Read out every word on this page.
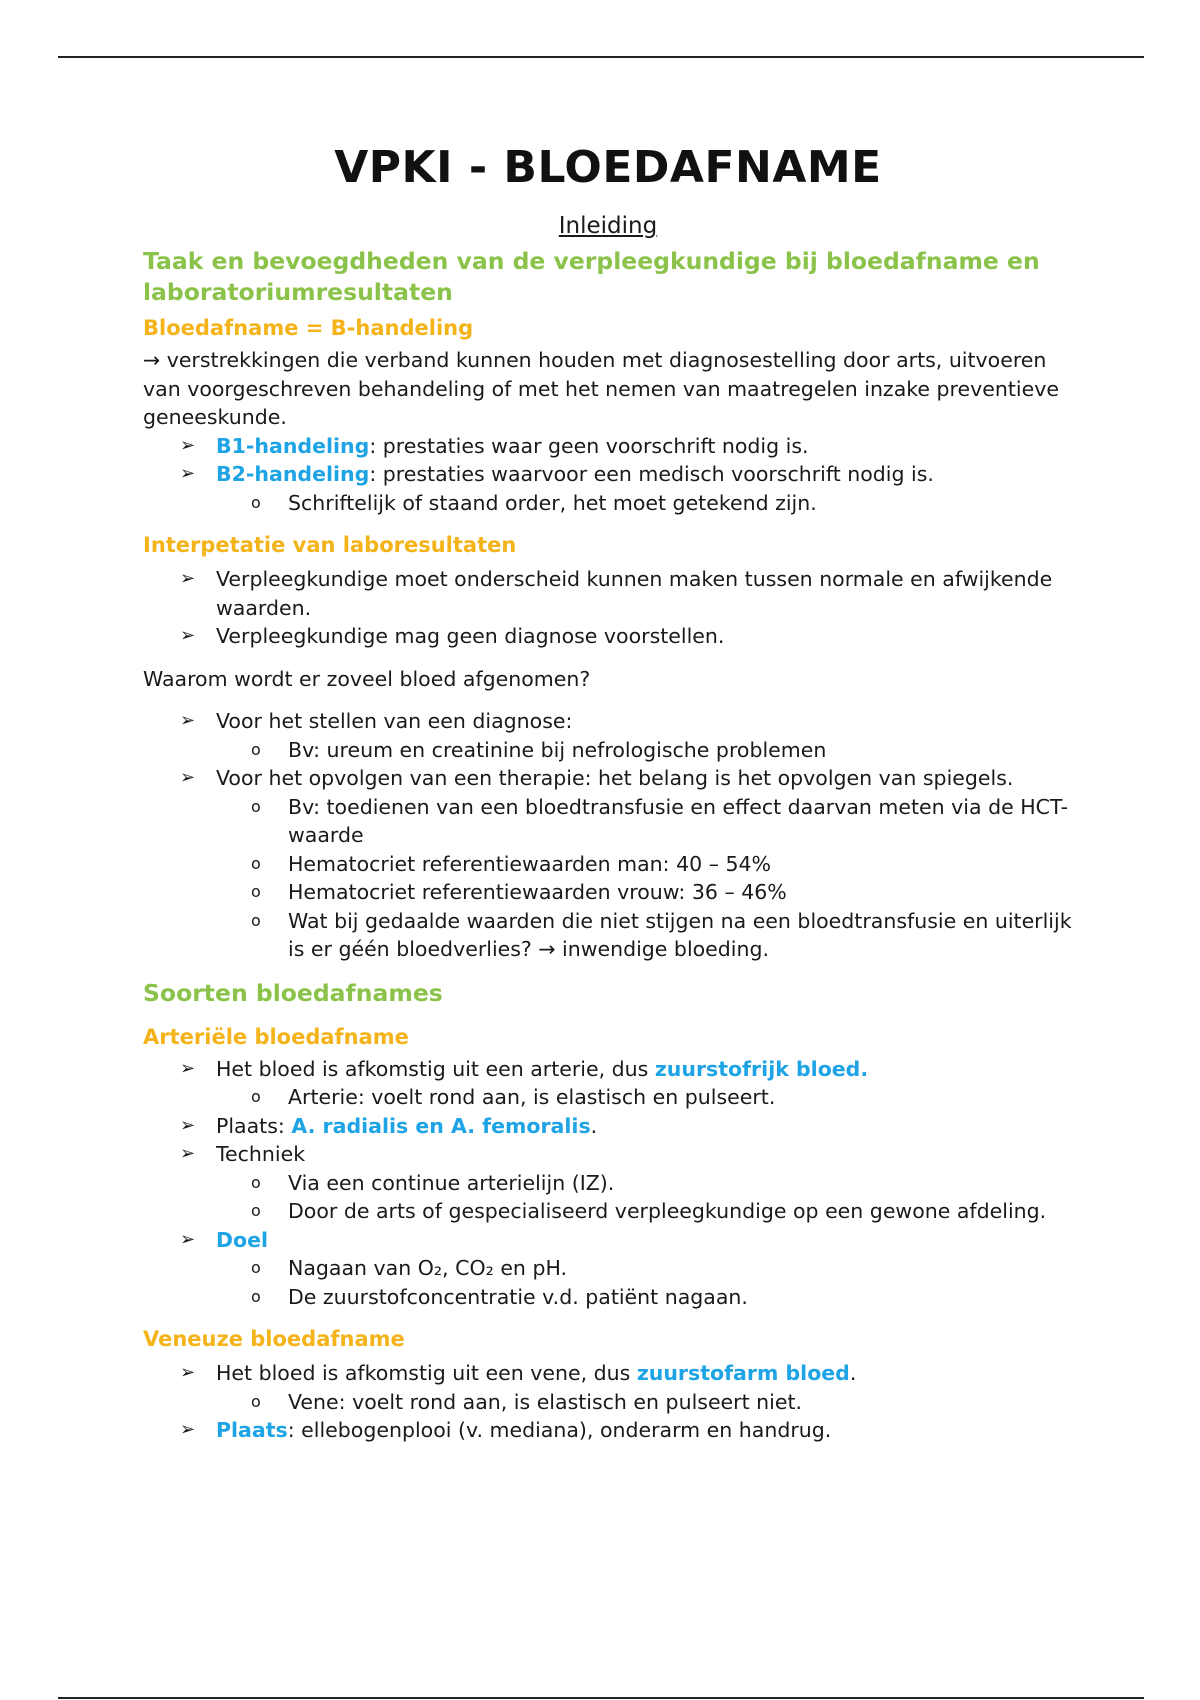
VPKI - BLOEDAFNAME
Inleiding
Taak en bevoegdheden van de verpleegkundige bij bloedafname en laboratoriumresultaten
Bloedafname = B-handeling

→ verstrekkingen die verband kunnen houden met diagnosestelling door arts, uitvoeren van voorgeschreven behandeling of met het nemen van maatregelen inzake preventieve geneeskunde.

➢ B1-handeling: prestaties waar geen voorschrift nodig is.
➢ B2-handeling: prestaties waarvoor een medisch voorschrift nodig is.
o Schriftelijk of staand order, het moet getekend zijn.
Interpetatie van laboresultaten
➢ Verpleegkundige moet onderscheid kunnen maken tussen normale en afwijkende waarden.
➢ Verpleegkundige mag geen diagnose voorstellen.

Waarom wordt er zoveel bloed afgenomen?

➢ Voor het stellen van een diagnose:
o Bv: ureum en creatinine bij nefrologische problemen
➢ Voor het opvolgen van een therapie: het belang is het opvolgen van spiegels.
o Bv: toedienen van een bloedtransfusie en effect daarvan meten via de HCT-waarde
o Hematocriet referentiewaarden man: 40 – 54%
o Hematocriet referentiewaarden vrouw: 36 – 46%
o Wat bij gedaalde waarden die niet stijgen na een bloedtransfusie en uiterlijk is er géén bloedverlies? → inwendige bloeding.
Soorten bloedafnames
Arteriële bloedafname
➢ Het bloed is afkomstig uit een arterie, dus zuurstofrijk bloed.
o Arterie: voelt rond aan, is elastisch en pulseert.
➢ Plaats: A. radialis en A. femoralis.
➢ Techniek
o Via een continue arterielijn (IZ).
o Door de arts of gespecialiseerd verpleegkundige op een gewone afdeling.
➢ Doel
o Nagaan van O₂, CO₂ en pH.
o De zuurstofconcentratie v.d. patiënt nagaan.
Veneuze bloedafname
➢ Het bloed is afkomstig uit een vene, dus zuurstofarm bloed.
o Vene: voelt rond aan, is elastisch en pulseert niet.
➢ Plaats: ellebogenplooi (v. mediana), onderarm en handrug.
